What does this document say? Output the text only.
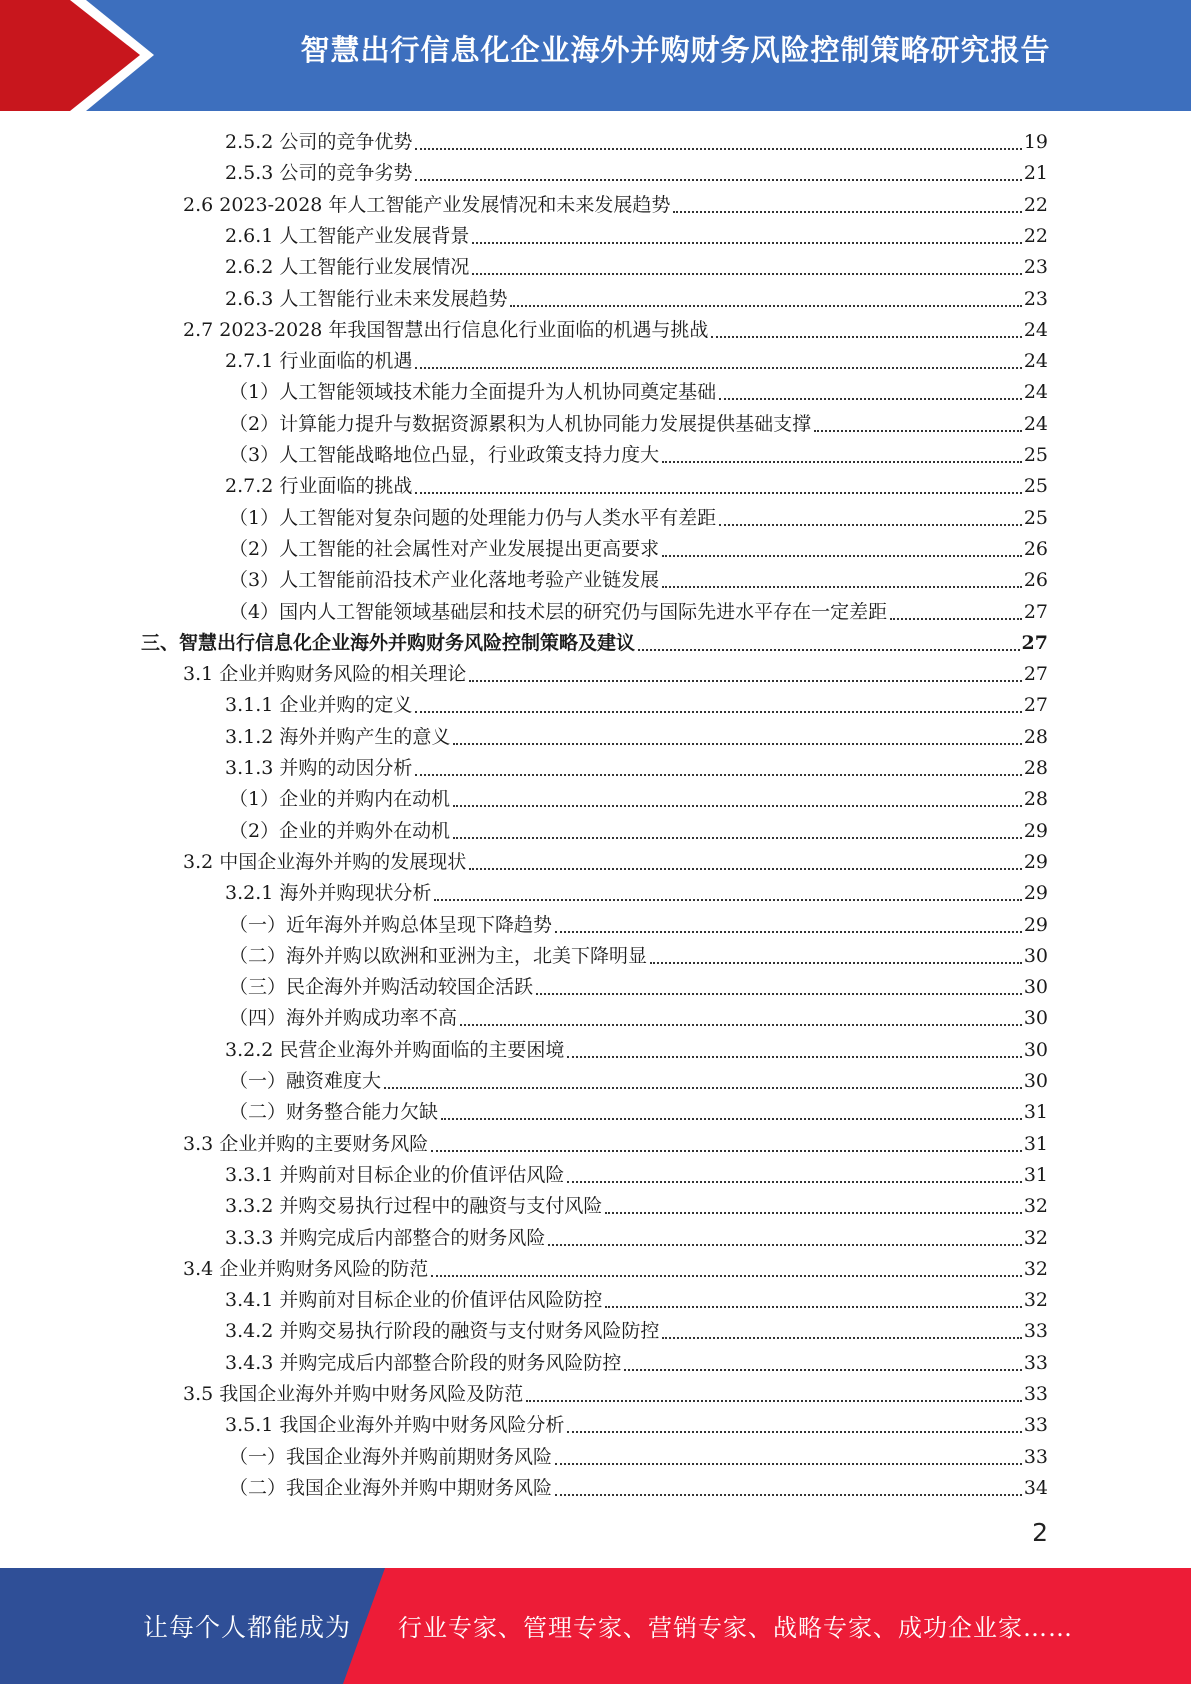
智慧出行信息化企业海外并购财务风险控制策略研究报告
2.5.2 公司的竞争优势	19
2.5.3 公司的竞争劣势	21
2.6 2023-2028 年人工智能产业发展情况和未来发展趋势	22
2.6.1 人工智能产业发展背景	22
2.6.2 人工智能行业发展情况	23
2.6.3 人工智能行业未来发展趋势	23
2.7 2023-2028 年我国智慧出行信息化行业面临的机遇与挑战	24
2.7.1 行业面临的机遇	24
（1）人工智能领域技术能力全面提升为人机协同奠定基础	24
（2）计算能力提升与数据资源累积为人机协同能力发展提供基础支撑	24
（3）人工智能战略地位凸显，行业政策支持力度大	25
2.7.2 行业面临的挑战	25
（1）人工智能对复杂问题的处理能力仍与人类水平有差距	25
（2）人工智能的社会属性对产业发展提出更高要求	26
（3）人工智能前沿技术产业化落地考验产业链发展	26
（4）国内人工智能领域基础层和技术层的研究仍与国际先进水平存在一定差距	27
三、智慧出行信息化企业海外并购财务风险控制策略及建议	27
3.1 企业并购财务风险的相关理论	27
3.1.1 企业并购的定义	27
3.1.2 海外并购产生的意义	28
3.1.3 并购的动因分析	28
（1）企业的并购内在动机	28
（2）企业的并购外在动机	29
3.2 中国企业海外并购的发展现状	29
3.2.1 海外并购现状分析	29
（一）近年海外并购总体呈现下降趋势	29
（二）海外并购以欧洲和亚洲为主，北美下降明显	30
（三）民企海外并购活动较国企活跃	30
（四）海外并购成功率不高	30
3.2.2 民营企业海外并购面临的主要困境	30
（一）融资难度大	30
（二）财务整合能力欠缺	31
3.3 企业并购的主要财务风险	31
3.3.1 并购前对目标企业的价值评估风险	31
3.3.2 并购交易执行过程中的融资与支付风险	32
3.3.3 并购完成后内部整合的财务风险	32
3.4 企业并购财务风险的防范	32
3.4.1 并购前对目标企业的价值评估风险防控	32
3.4.2 并购交易执行阶段的融资与支付财务风险防控	33
3.4.3 并购完成后内部整合阶段的财务风险防控	33
3.5 我国企业海外并购中财务风险及防范	33
3.5.1 我国企业海外并购中财务风险分析	33
（一）我国企业海外并购前期财务风险	33
（二）我国企业海外并购中期财务风险	34
2
让每个人都能成为 行业专家、管理专家、营销专家、战略专家、成功企业家……
